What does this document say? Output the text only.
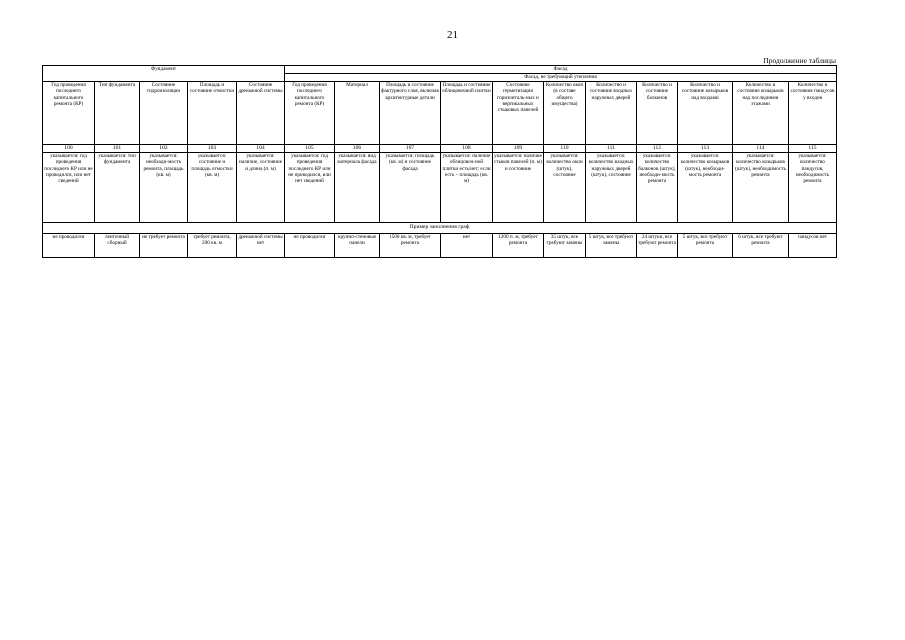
21
Продолжение таблицы
Фундамент					Фасад										
					Фасад, не требующий утепления										
Год проведения последнего капитального ремонта (КР)	Тип фундамента	Состояние гидроизоляции	Площадь и состояние отмостки	Состояние дренажной системы	Год проведения последнего капитального ремонта (КР)	Материал	Площадь и состояние фактурного слоя, включая архитектурные детали	Площадь и состояние облицовочной плитки	Состояние герметизации горизонталь-ных и вертикальных стыковых панелей	Количество окон (в составе общего имущества)	Количество и состояние входных наружных дверей	Количество и состояние балконов	Количество и состояние козырьков над входами	Количество и состояние козырьков над последними этажами	Количество и состояние пандусов у входов
100	101	102	103	104	105	106	107	108	109	110	111	112	113	114	115
указывается: год проведения последнего КР или не проводился, или нет сведений	указывается: тип фундамента	указывается: необходи-мость ремонта, площадь (кв. м)	указывается: состояние и площадь отмостки (кв. м)	указывается: наличие, состояние и длина (п. м)	указывается: год проведения последнего КР или не проводился, или нет сведений	указывается: вид материала фасада	указывается: площадь (кв. м) и состояние фасада	указывается: наличие облицовоч-ной плитки есть/нет; если есть – площадь (кв. м)	указывается: наличие стыков панелей (п. м) и состояние	указывается: количество окон (штук), состояние	указывается: количество входных наружных дверей (штук), состояние	указывается: количество балконов (штук), необходи-мость ремонта	указывается: количество козырьков (штук), необходи-мость ремонта	указывается: количество козырьков (штук), необходимость ремонта	указывается: количество пандусов, необходимость ремонта
Пример заполнения граф															
не проводился	ленточный сборный	не требует ремонта	требует ремонта, 200 кв. м	дренажной системы нет	не проводился	крупно-стеновые панели	1500 кв. м, требует ремонта	нет	1200 п. м, требует ремонта	35 штук, все требуют замены	5 штук, все требуют замены	24 штуки, все требуют ремонта	5 штук, все требуют ремонта	6 штук, все требуют ремонта	пандусов нет
